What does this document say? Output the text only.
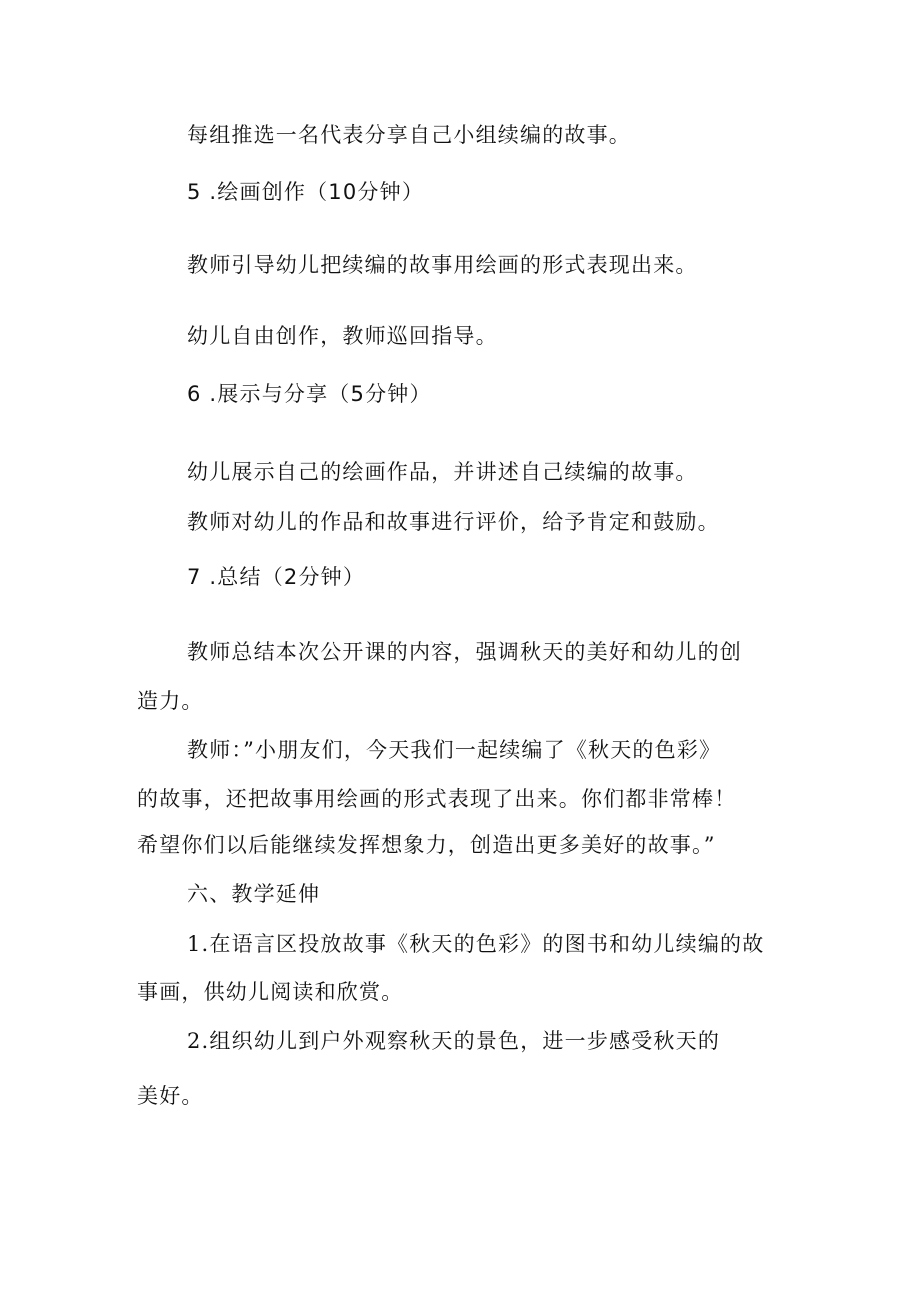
每组推选一名代表分享自己小组续编的故事。
5 .绘画创作（10分钟）
教师引导幼儿把续编的故事用绘画的形式表现出来。
幼儿自由创作，教师巡回指导。
6 .展示与分享（5分钟）
幼儿展示自己的绘画作品，并讲述自己续编的故事。
教师对幼儿的作品和故事进行评价，给予肯定和鼓励。
7 .总结（2分钟）
教师总结本次公开课的内容，强调秋天的美好和幼儿的创
造力。
教师：”小朋友们，今天我们一起续编了《秋天的色彩》
的故事，还把故事用绘画的形式表现了出来。你们都非常棒！
希望你们以后能继续发挥想象力，创造出更多美好的故事。”
六、教学延伸
1.在语言区投放故事《秋天的色彩》的图书和幼儿续编的故
事画，供幼儿阅读和欣赏。
2.组织幼儿到户外观察秋天的景色，进一步感受秋天的
美好。
